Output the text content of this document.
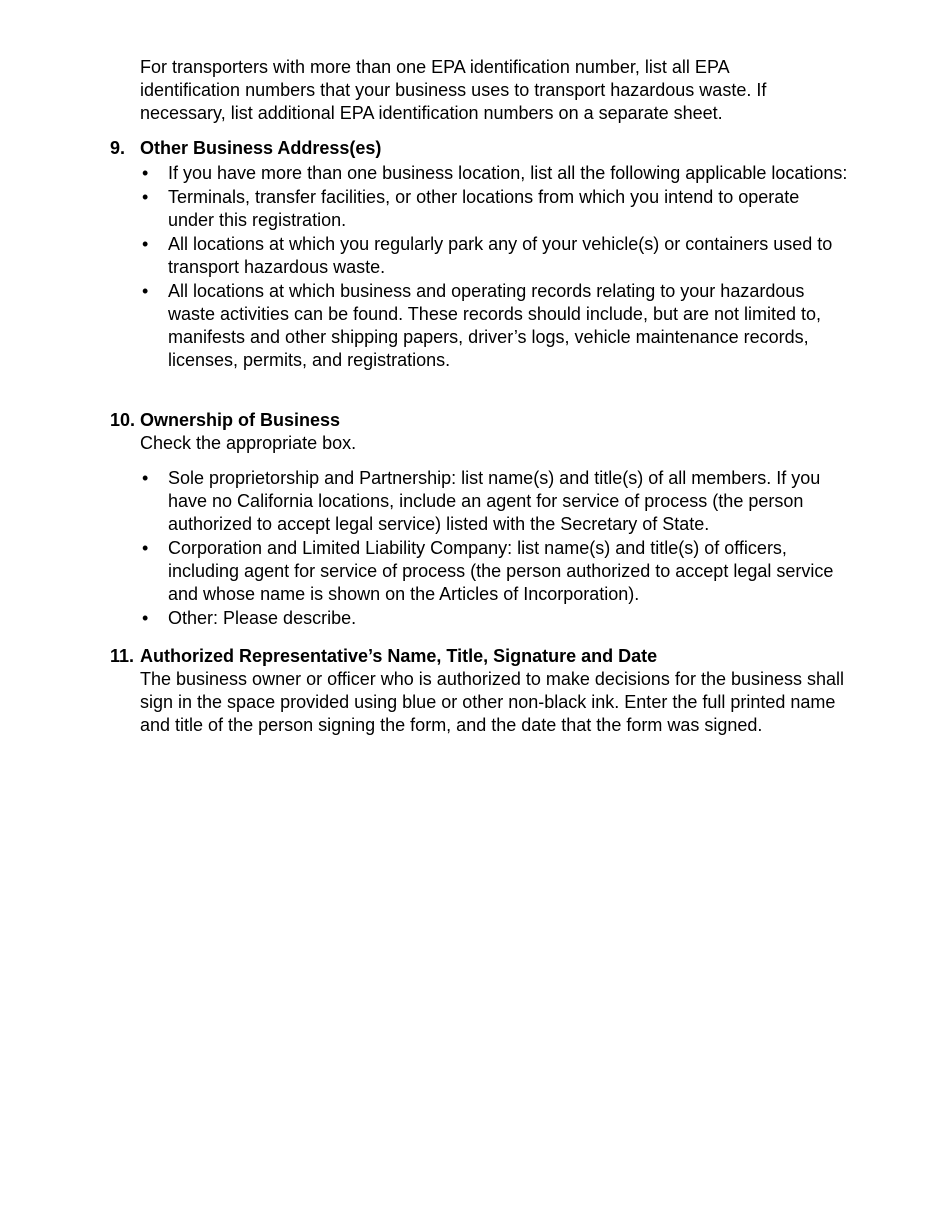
For transporters with more than one EPA identification number, list all EPA identification numbers that your business uses to transport hazardous waste. If necessary, list additional EPA identification numbers on a separate sheet.

9. Other Business Address(es)
• If you have more than one business location, list all the following applicable locations:
• Terminals, transfer facilities, or other locations from which you intend to operate under this registration.
• All locations at which you regularly park any of your vehicle(s) or containers used to transport hazardous waste.
• All locations at which business and operating records relating to your hazardous waste activities can be found. These records should include, but are not limited to, manifests and other shipping papers, driver’s logs, vehicle maintenance records, licenses, permits, and registrations.
10. Ownership of Business
Check the appropriate box.
• Sole proprietorship and Partnership: list name(s) and title(s) of all members. If you have no California locations, include an agent for service of process (the person authorized to accept legal service) listed with the Secretary of State.
• Corporation and Limited Liability Company: list name(s) and title(s) of officers, including agent for service of process (the person authorized to accept legal service and whose name is shown on the Articles of Incorporation).
• Other: Please describe.
11. Authorized Representative’s Name, Title, Signature and Date
The business owner or officer who is authorized to make decisions for the business shall sign in the space provided using blue or other non-black ink. Enter the full printed name and title of the person signing the form, and the date that the form was signed.
